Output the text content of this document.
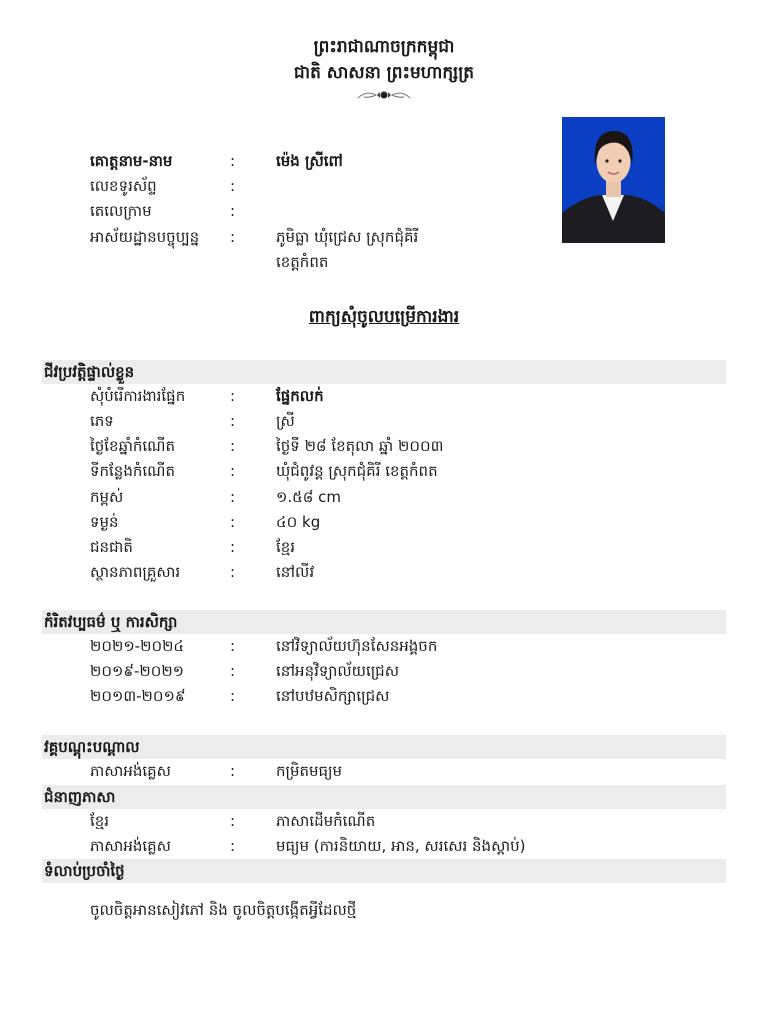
ព្រះរាជាណាចក្រកម្ពុជា
ជាតិ សាសនា ព្រះមហាក្សត្រ
គោត្តនាម-នាម	:	ម៉េង ស្រីពៅ
លេខទូរស័ព្ទ	:
តេលេក្រាម	:
អាស័យដ្ឋានបច្ចុប្បន្ន :	ភូមិធ្លា ឃុំជ្រេស ស្រុកជុំគិរី
ខេត្តកំពត
ពាក្យសុំចូលបម្រើការងារ
ជីវប្រវត្តិផ្ទាល់ខ្លួន
សុំបំរើការងារផ្នែក	:	ផ្នែកលក់
ភេទ	:	ស្រី
ថ្ងៃខែឆ្នាំកំណើត	:	ថ្ងៃទី ២៨ ខែតុលា ឆ្នាំ ២០០៣
ទីកន្លែងកំណើត	:	ឃុំជំពូវន្ត ស្រុកជុំគិរី ខេត្តកំពត
កម្ពស់	:	១.៥៨ cm
ទម្ងន់	:	៤០ kg
ជនជាតិ	:	ខ្មែរ
ស្ថានភាពគ្រួសារ	:	នៅលីវ
កំរិតវប្បធម៌ ឬ ការសិក្សា
២០២១-២០២៤	:	នៅវិទ្យាល័យហ៊ុនសែនអង្គចក
២០១៩-២០២១	:	នៅអនុវិទ្យាល័យជ្រេស
២០១៣-២០១៩	:	នៅបឋមសិក្សាជ្រេស
វគ្គបណ្តុះបណ្តាល
ភាសាអង់គ្លេស	:	កម្រិតមធ្យម
ជំនាញភាសា
ខ្មែរ	:	ភាសាដើមកំណើត
ភាសាអង់គ្លេស	:	មធ្យម (ការនិយាយ, អាន, សរសេរ និងស្តាប់)
ទំលាប់ប្រចាំថ្ងៃ
ចូលចិត្តអានសៀវភៅ និង ចូលចិត្តបង្កើតអ្វីដែលថ្មី
